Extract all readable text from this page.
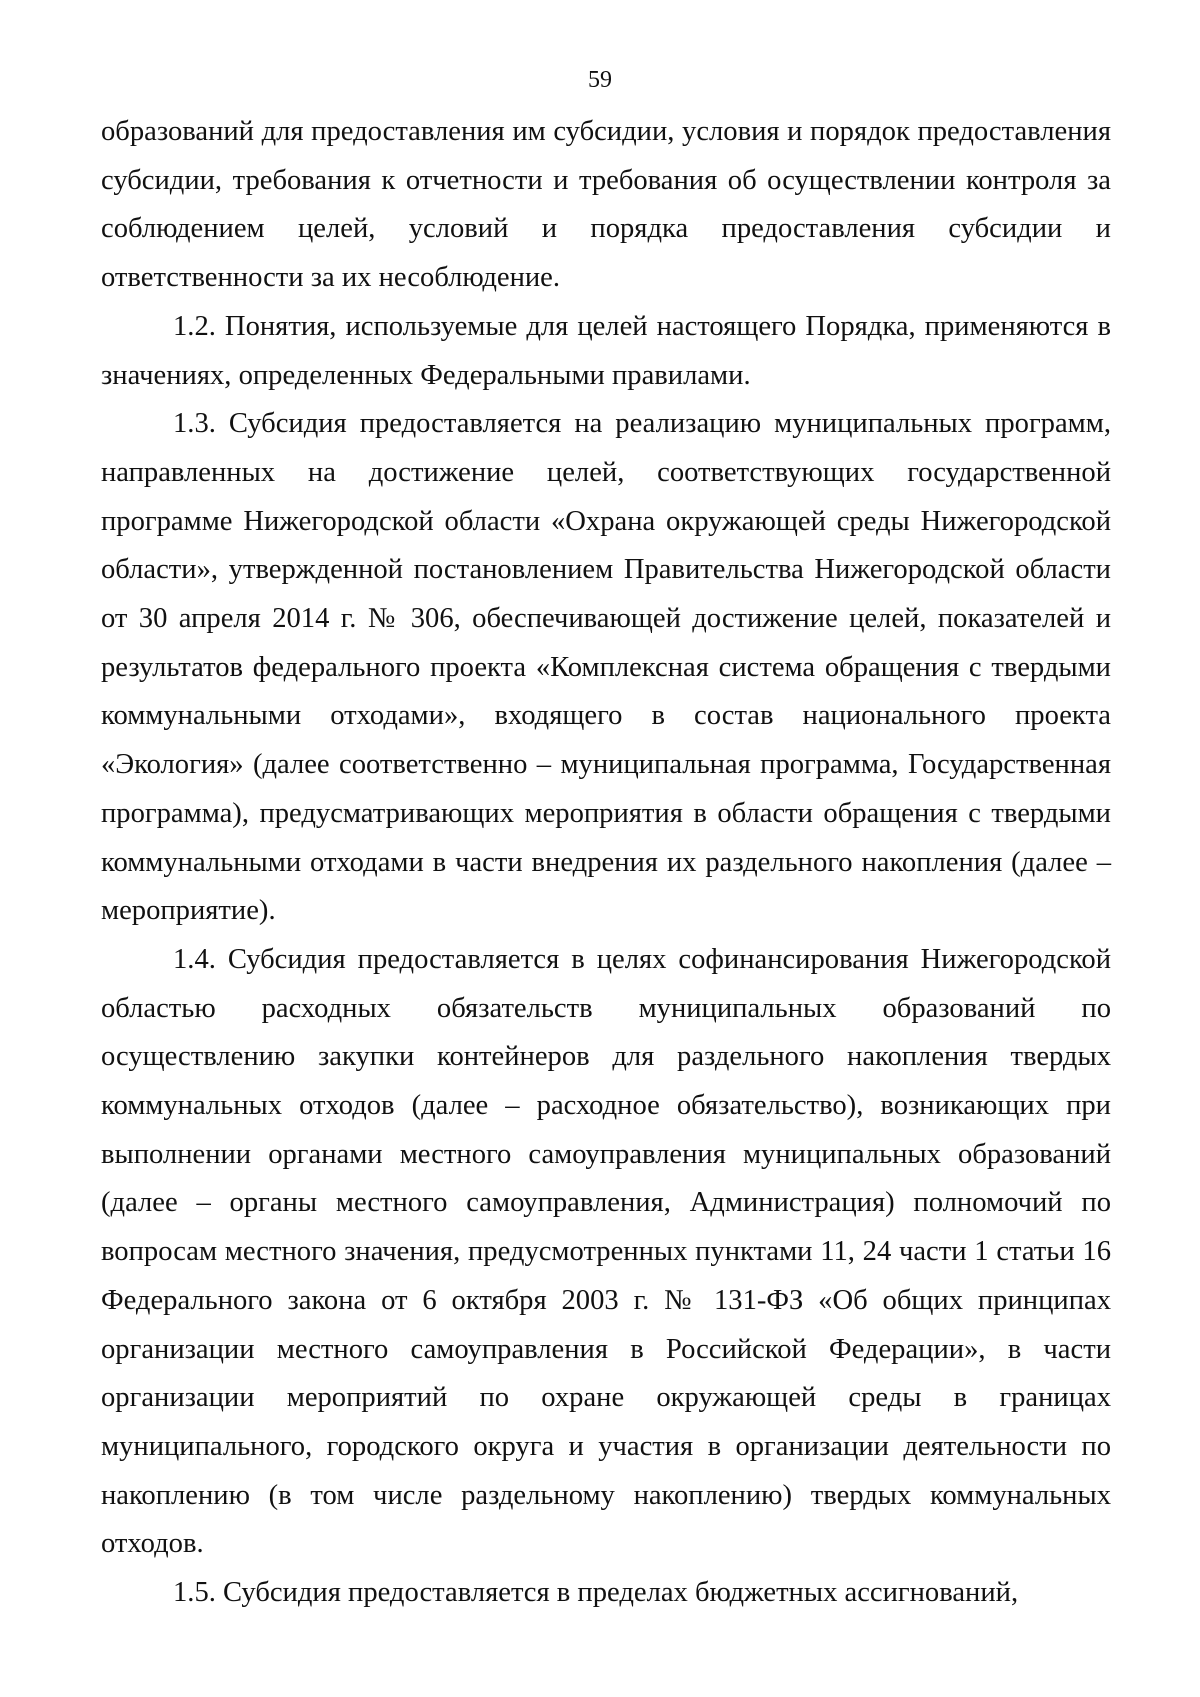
59

образований для предоставления им субсидии, условия и порядок предоставления субсидии, требования к отчетности и требования об осуществлении контроля за соблюдением целей, условий и порядка предоставления субсидии и ответственности за их несоблюдение.

1.2. Понятия, используемые для целей настоящего Порядка, применяются в значениях, определенных Федеральными правилами.

1.3. Субсидия предоставляется на реализацию муниципальных программ, направленных на достижение целей, соответствующих государственной программе Нижегородской области «Охрана окружающей среды Нижегородской области», утвержденной постановлением Правительства Нижегородской области от 30 апреля 2014 г. № 306, обеспечивающей достижение целей, показателей и результатов федерального проекта «Комплексная система обращения с твердыми коммунальными отходами», входящего в состав национального проекта «Экология» (далее соответственно – муниципальная программа, Государственная программа), предусматривающих мероприятия в области обращения с твердыми коммунальными отходами в части внедрения их раздельного накопления (далее – мероприятие).

1.4. Субсидия предоставляется в целях софинансирования Нижегородской областью расходных обязательств муниципальных образований по осуществлению закупки контейнеров для раздельного накопления твердых коммунальных отходов (далее – расходное обязательство), возникающих при выполнении органами местного самоуправления муниципальных образований (далее – органы местного самоуправления, Администрация) полномочий по вопросам местного значения, предусмотренных пунктами 11, 24 части 1 статьи 16 Федерального закона от 6 октября 2003 г. № 131-ФЗ «Об общих принципах организации местного самоуправления в Российской Федерации», в части организации мероприятий по охране окружающей среды в границах муниципального, городского округа и участия в организации деятельности по накоплению (в том числе раздельному накоплению) твердых коммунальных отходов.

1.5. Субсидия предоставляется в пределах бюджетных ассигнований,
